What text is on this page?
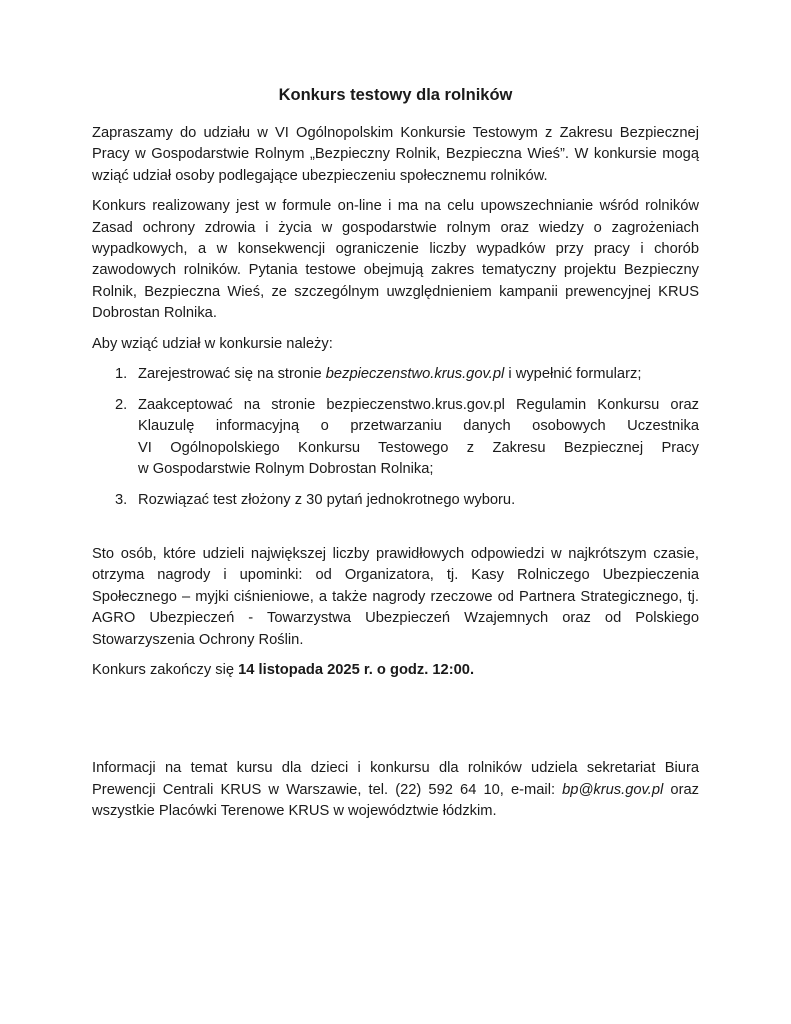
Konkurs testowy dla rolników

Zapraszamy do udziału w VI Ogólnopolskim Konkursie Testowym z Zakresu Bezpiecznej Pracy w Gospodarstwie Rolnym „Bezpieczny Rolnik, Bezpieczna Wieś”. W konkursie mogą wziąć udział osoby podlegające ubezpieczeniu społecznemu rolników.

Konkurs realizowany jest w formule on-line i ma na celu upowszechnianie wśród rolników Zasad ochrony zdrowia i życia w gospodarstwie rolnym oraz wiedzy o zagrożeniach wypadkowych, a w konsekwencji ograniczenie liczby wypadków przy pracy i chorób zawodowych rolników. Pytania testowe obejmują zakres tematyczny projektu Bezpieczny Rolnik, Bezpieczna Wieś, ze szczególnym uwzględnieniem kampanii prewencyjnej KRUS Dobrostan Rolnika.

Aby wziąć udział w konkursie należy:

1. Zarejestrować się na stronie bezpieczenstwo.krus.gov.pl i wypełnić formularz;
2. Zaakceptować na stronie bezpieczenstwo.krus.gov.pl Regulamin Konkursu oraz Klauzulę informacyjną o przetwarzaniu danych osobowych Uczestnika VI Ogólnopolskiego Konkursu Testowego z Zakresu Bezpiecznej Pracy w Gospodarstwie Rolnym Dobrostan Rolnika;
3. Rozwiązać test złożony z 30 pytań jednokrotnego wyboru.

Sto osób, które udzieli największej liczby prawidłowych odpowiedzi w najkrótszym czasie, otrzyma nagrody i upominki: od Organizatora, tj. Kasy Rolniczego Ubezpieczenia Społecznego – myjki ciśnieniowe, a także nagrody rzeczowe od Partnera Strategicznego, tj. AGRO Ubezpieczeń - Towarzystwa Ubezpieczeń Wzajemnych oraz od Polskiego Stowarzyszenia Ochrony Roślin.

Konkurs zakończy się 14 listopada 2025 r. o godz. 12:00.

Informacji na temat kursu dla dzieci i konkursu dla rolników udziela sekretariat Biura Prewencji Centrali KRUS w Warszawie, tel. (22) 592 64 10, e-mail: bp@krus.gov.pl oraz wszystkie Placówki Terenowe KRUS w województwie łódzkim.
